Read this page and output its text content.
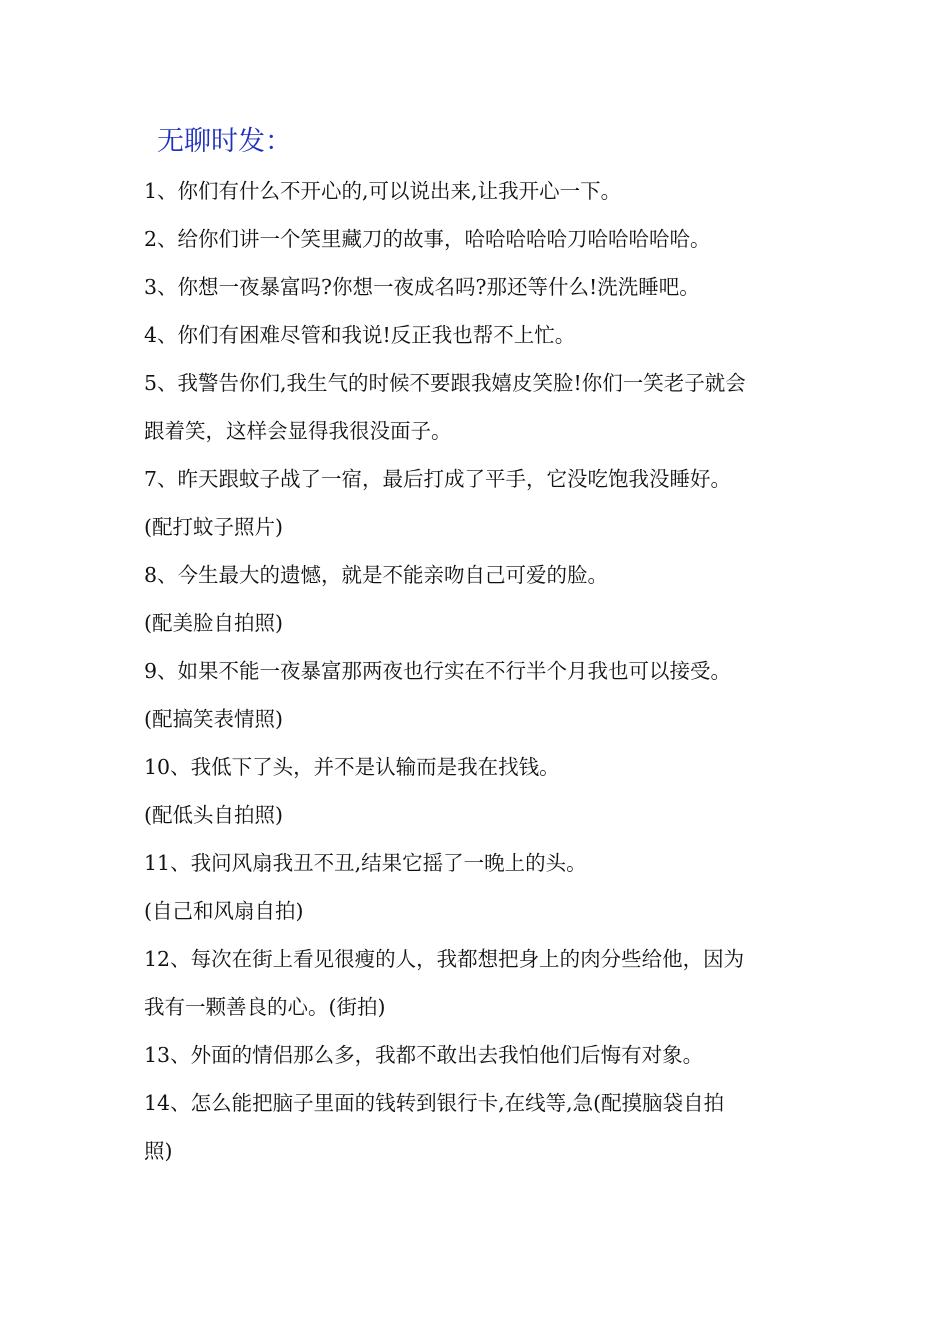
无聊时发：
1、你们有什么不开心的,可以说出来,让我开心一下。
2、给你们讲一个笑里藏刀的故事，哈哈哈哈哈刀哈哈哈哈哈。
3、你想一夜暴富吗?你想一夜成名吗?那还等什么!洗洗睡吧。
4、你们有困难尽管和我说!反正我也帮不上忙。
5、我警告你们,我生气的时候不要跟我嬉皮笑脸!你们一笑老子就会
跟着笑，这样会显得我很没面子。
7、昨天跟蚊子战了一宿，最后打成了平手，它没吃饱我没睡好。
(配打蚊子照片)
8、今生最大的遗憾，就是不能亲吻自己可爱的脸。
(配美脸自拍照)
9、如果不能一夜暴富那两夜也行实在不行半个月我也可以接受。
(配搞笑表情照)
10、我低下了头，并不是认输而是我在找钱。
(配低头自拍照)
11、我问风扇我丑不丑,结果它摇了一晚上的头。
(自己和风扇自拍)
12、每次在街上看见很瘦的人，我都想把身上的肉分些给他，因为
我有一颗善良的心。(街拍)
13、外面的情侣那么多，我都不敢出去我怕他们后悔有对象。
14、怎么能把脑子里面的钱转到银行卡,在线等,急(配摸脑袋自拍
照)
